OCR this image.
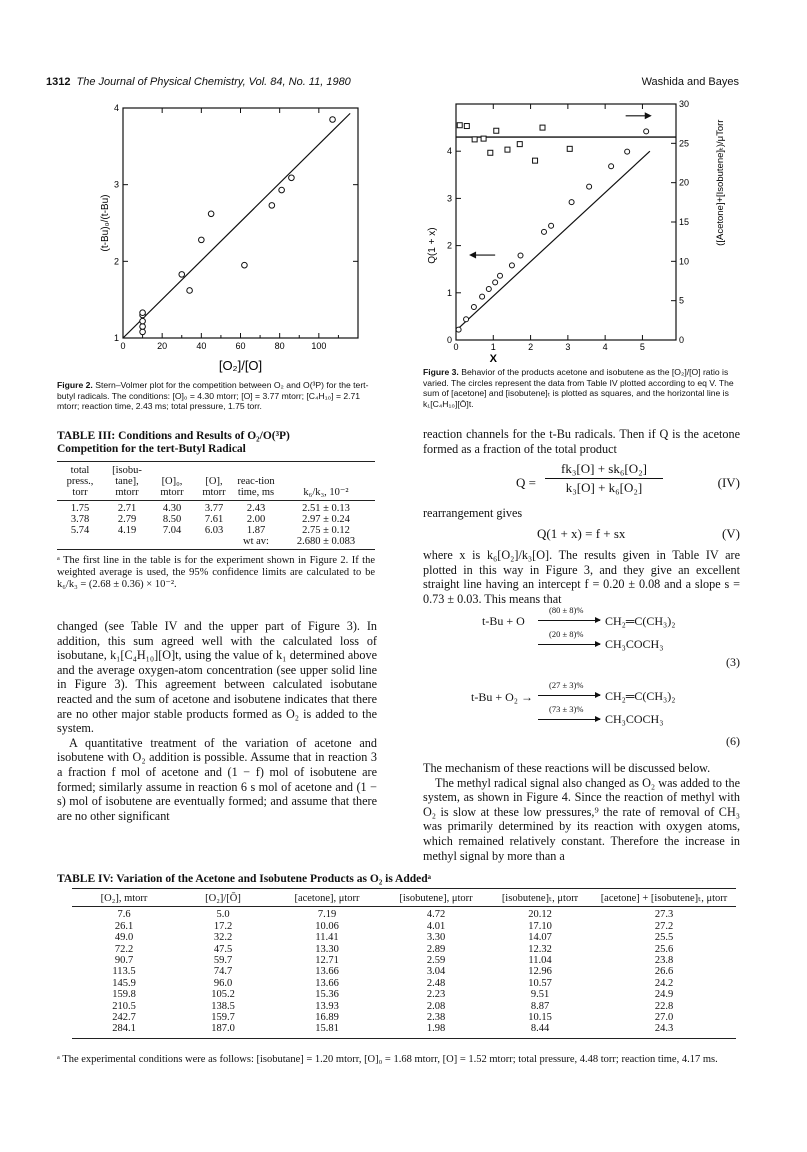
1312 The Journal of Physical Chemistry, Vol. 84, No. 11, 1980	Washida and Bayes
0	20	40	60	80	100
1
2
3
4
[O₂]/[O]
(t-Bu)₀/(t-Bu)
Figure 2. Stern–Volmer plot for the competition between O₂ and O(³P) for the tert-butyl radicals. The conditions: [O]₀ = 4.30 mtorr; [O] = 3.77 mtorr; [C₄H₁₀] = 2.71 mtorr; reaction time, 2.43 ms; total pressure, 1.75 torr.
0	1	2	3	4	5
0
1
2
3
4
0
5
10
15
20
25
30
X
Q(1 + x)	([Acetone]+[Isobutene]ₜ)/μTorr
Figure 3. Behavior of the products acetone and isobutene as the [O₂]/[O] ratio is varied. The circles represent the data from Table IV plotted according to eq V. The sum of [acetone] and [isobutene]ₜ is plotted as squares, and the horizontal line is k₁[C₄H₁₀][Ō]t.
TABLE III: Conditions and Results of O₂/O(³P)
Competition for the tert-Butyl Radical
total press., torr	[isobu-tane], mtorr	[O]₀, mtorr	[O], mtorr	reac-tion time, ms	k₆/k₃, 10⁻²
1.75	2.71	4.30	3.77	2.43	2.51 ± 0.13
3.78	2.79	8.50	7.61	2.00	2.97 ± 0.24
5.74	4.19	7.04	6.03	1.87	2.75 ± 0.12
				wt av:	2.680 ± 0.083
ᵃ The first line in the table is for the experiment shown in Figure 2. If the weighted average is used, the 95% confidence limits are calculated to be k₆/k₃ = (2.68 ± 0.36) × 10⁻².

changed (see Table IV and the upper part of Figure 3). In addition, this sum agreed well with the calculated loss of isobutane, k₁[C₄H₁₀][O]t, using the value of k₁ determined above and the average oxygen-atom concentration (see upper solid line in Figure 3). This agreement between calculated isobutane reacted and the sum of acetone and isobutene indicates that there are no other major stable products formed as O₂ is added to the system.

A quantitative treatment of the variation of acetone and isobutene with O₂ addition is possible. Assume that in reaction 3 a fraction f mol of acetone and (1 − f) mol of isobutene are formed; similarly assume in reaction 6 s mol of acetone and (1 − s) mol of isobutene are eventually formed; and assume that there are no other significant

reaction channels for the t-Bu radicals. Then if Q is the acetone formed as a fraction of the total product

$Q = \frac{\text{fk₃[O] + sk₆[O₂]}}{\text{k₃[O] + k₆[O₂]}}$	(IV)

rearrangement gives

Q(1 + x) = f + sx	(V)

where x is k₆[O₂]/k₃[O]. The results given in Table IV are plotted in this way in Figure 3, and they give an excellent straight line having an intercept f = 0.20 ± 0.08 and a slope s = 0.73 ± 0.03. This means that

t-Bu + O
(80 ± 8)%
CH₂═C(CH₃)₂
(20 ± 8)%
CH₃COCH₃
(3)
t-Bu + O₂ →
(27 ± 3)%
CH₂═C(CH₃)₂
(73 ± 3)%
CH₃COCH₃
(6)

The mechanism of these reactions will be discussed below.

The methyl radical signal also changed as O₂ was added to the system, as shown in Figure 4. Since the reaction of methyl with O₂ is slow at these low pressures,⁹ the rate of removal of CH₃ was primarily determined by its reaction with oxygen atoms, which remained relatively constant. Therefore the increase in methyl signal by more than a

TABLE IV: Variation of the Acetone and Isobutene Products as O₂ is Addedᵃ
[O₂], mtorr	[O₂]/[Ō]	[acetone], μtorr	[isobutene], μtorr	[isobutene]ₜ, μtorr	[acetone] + [isobutene]ₜ, μtorr
7.6	5.0	7.19	4.72	20.12	27.3
26.1	17.2	10.06	4.01	17.10	27.2
49.0	32.2	11.41	3.30	14.07	25.5
72.2	47.5	13.30	2.89	12.32	25.6
90.7	59.7	12.71	2.59	11.04	23.8
113.5	74.7	13.66	3.04	12.96	26.6
145.9	96.0	13.66	2.48	10.57	24.2
159.8	105.2	15.36	2.23	9.51	24.9
210.5	138.5	13.93	2.08	8.87	22.8
242.7	159.7	16.89	2.38	10.15	27.0
284.1	187.0	15.81	1.98	8.44	24.3
ᵃ The experimental conditions were as follows: [isobutane] = 1.20 mtorr, [O]₀ = 1.68 mtorr, [O] = 1.52 mtorr; total pressure, 4.48 torr; reaction time, 4.17 ms.
